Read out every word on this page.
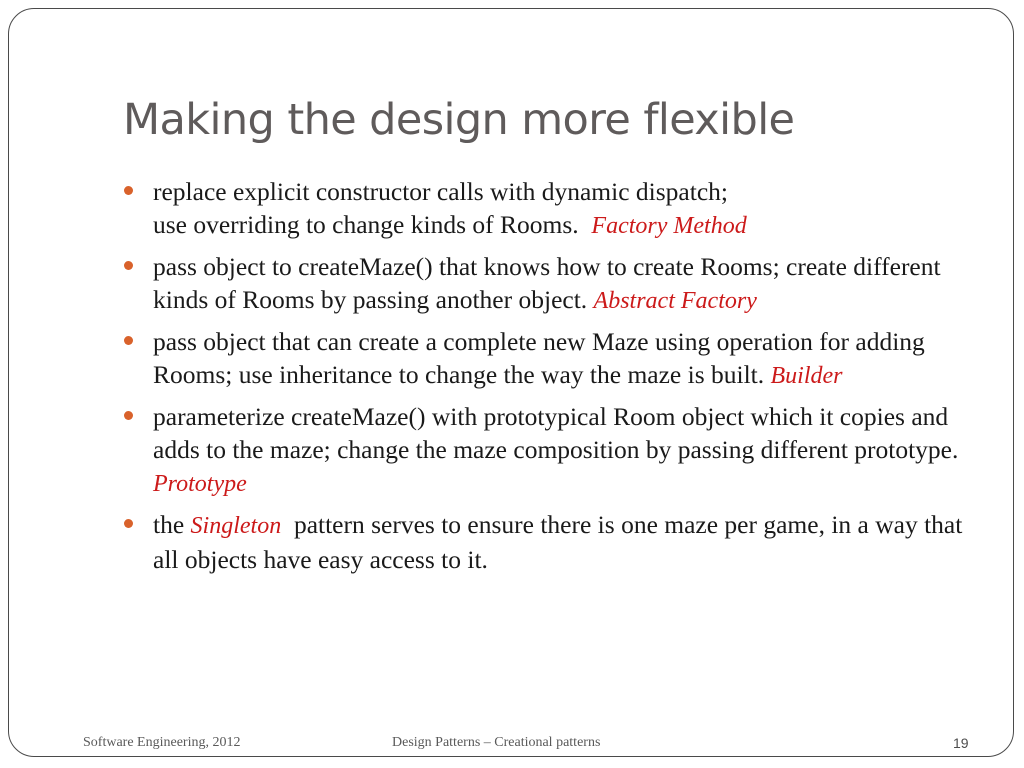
Making the design more flexible
replace explicit constructor calls with dynamic dispatch;
use overriding to change kinds of Rooms. Factory Method
pass object to createMaze() that knows how to create Rooms; create different kinds of Rooms by passing another object. Abstract Factory
pass object that can create a complete new Maze using operation for adding Rooms; use inheritance to change the way the maze is built. Builder
parameterize createMaze() with prototypical Room object which it copies and adds to the maze; change the maze composition by passing different prototype.  Prototype
the Singleton pattern serves to ensure there is one maze per game, in a way that all objects have easy access to it.
Software Engineering, 2012	Design Patterns – Creational patterns	19
